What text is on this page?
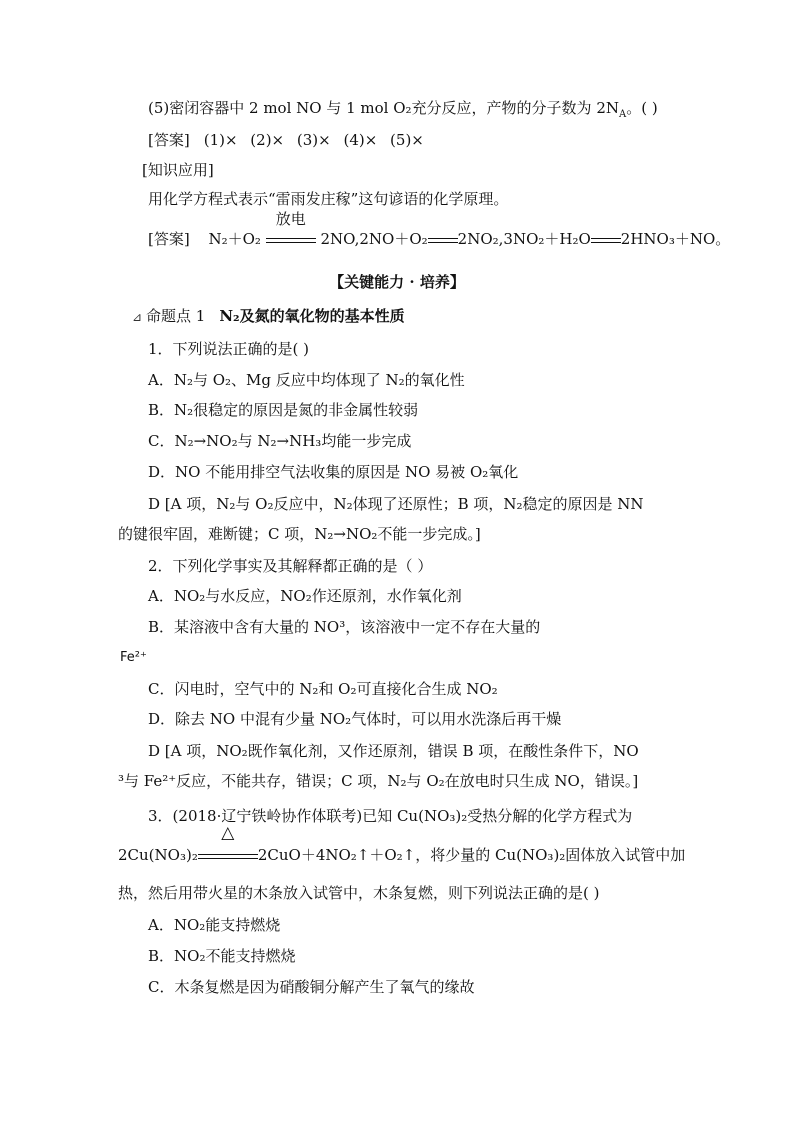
(5)密闭容器中 2 mol NO 与 1 mol O₂充分反应，产物的分子数为 $2N_A$。( )
[答案] (1)× (2)× (3)× (4)× (5)×
[知识应用]
用化学方程式表示“雷雨发庄稼”这句谚语的化学原理。
[答案] N₂＋O₂
放电
2NO,2NO＋O₂ 2NO₂,3NO₂＋H₂O 2HNO₃＋NO。
【关键能力 · 培养】
⊿ 命题点 1 N₂及氮的氧化物的基本性质
1．下列说法正确的是( )
A．N₂与 O₂、Mg 反应中均体现了 N₂的氧化性
B．N₂很稳定的原因是氮的非金属性较弱
C．N₂→NO₂与 N₂→NH₃均能一步完成
D．NO 不能用排空气法收集的原因是 NO 易被 O₂氧化
D [A 项，N₂与 O₂反应中，N₂体现了还原性；B 项，N₂稳定的原因是 NN
的键很牢固，难断键；C 项，N₂→NO₂不能一步完成。]
2．下列化学事实及其解释都正确的是（ ）
A．NO₂与水反应，NO₂作还原剂，水作氧化剂
B．某溶液中含有大量的 NO³，该溶液中一定不存在大量的
Fe²⁺
C．闪电时，空气中的 N₂和 O₂可直接化合生成 NO₂
D．除去 NO 中混有少量 NO₂气体时，可以用水洗涤后再干燥
D [A 项，NO₂既作氧化剂，又作还原剂，错误 B 项，在酸性条件下，NO
³与 Fe²⁺反应，不能共存，错误；C 项，N₂与 O₂在放电时只生成 NO，错误。]
3．(2018·辽宁铁岭协作体联考)已知 Cu(NO₃)₂受热分解的化学方程式为
2Cu(NO₃)₂
△
2CuO＋4NO₂↑＋O₂↑，将少量的 Cu(NO₃)₂固体放入试管中加
热，然后用带火星的木条放入试管中，木条复燃，则下列说法正确的是( )
A．NO₂能支持燃烧
B．NO₂不能支持燃烧
C．木条复燃是因为硝酸铜分解产生了氧气的缘故
